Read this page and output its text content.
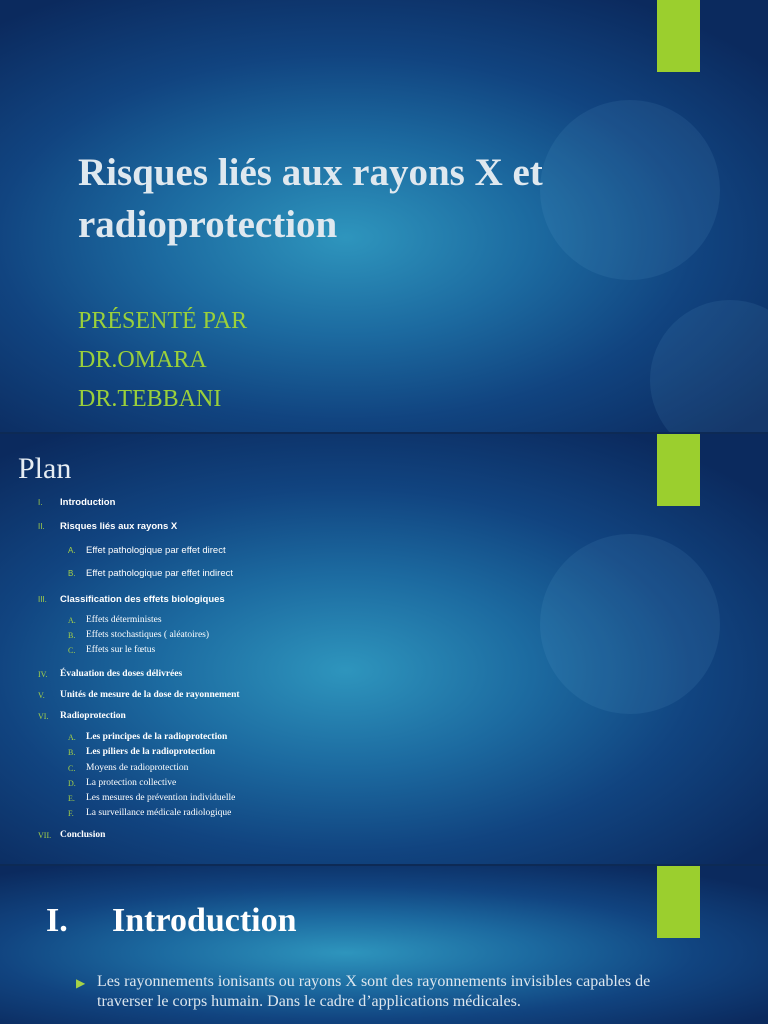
Risques liés aux rayons X et radioprotection
PRÉSENTÉ PAR
DR.OMARA
DR.TEBBANI
Plan
I. Introduction
II. Risques liés aux rayons X
A. Effet pathologique par effet direct
B. Effet pathologique par effet indirect
III. Classification des effets biologiques
A. Effets déterministes
B. Effets stochastiques ( aléatoires)
C. Effets sur le fœtus
IV. Évaluation des doses délivrées
V. Unités de mesure de la dose de rayonnement
VI. Radioprotection
A. Les principes de la radioprotection
B. Les piliers de la radioprotection
C. Moyens de radioprotection
D. La protection collective
E. Les mesures de prévention individuelle
F. La surveillance médicale radiologique
VII. Conclusion
I. Introduction
▶ Les rayonnements ionisants ou rayons X sont des rayonnements invisibles capables de traverser le corps humain. Dans le cadre d’applications médicales.
